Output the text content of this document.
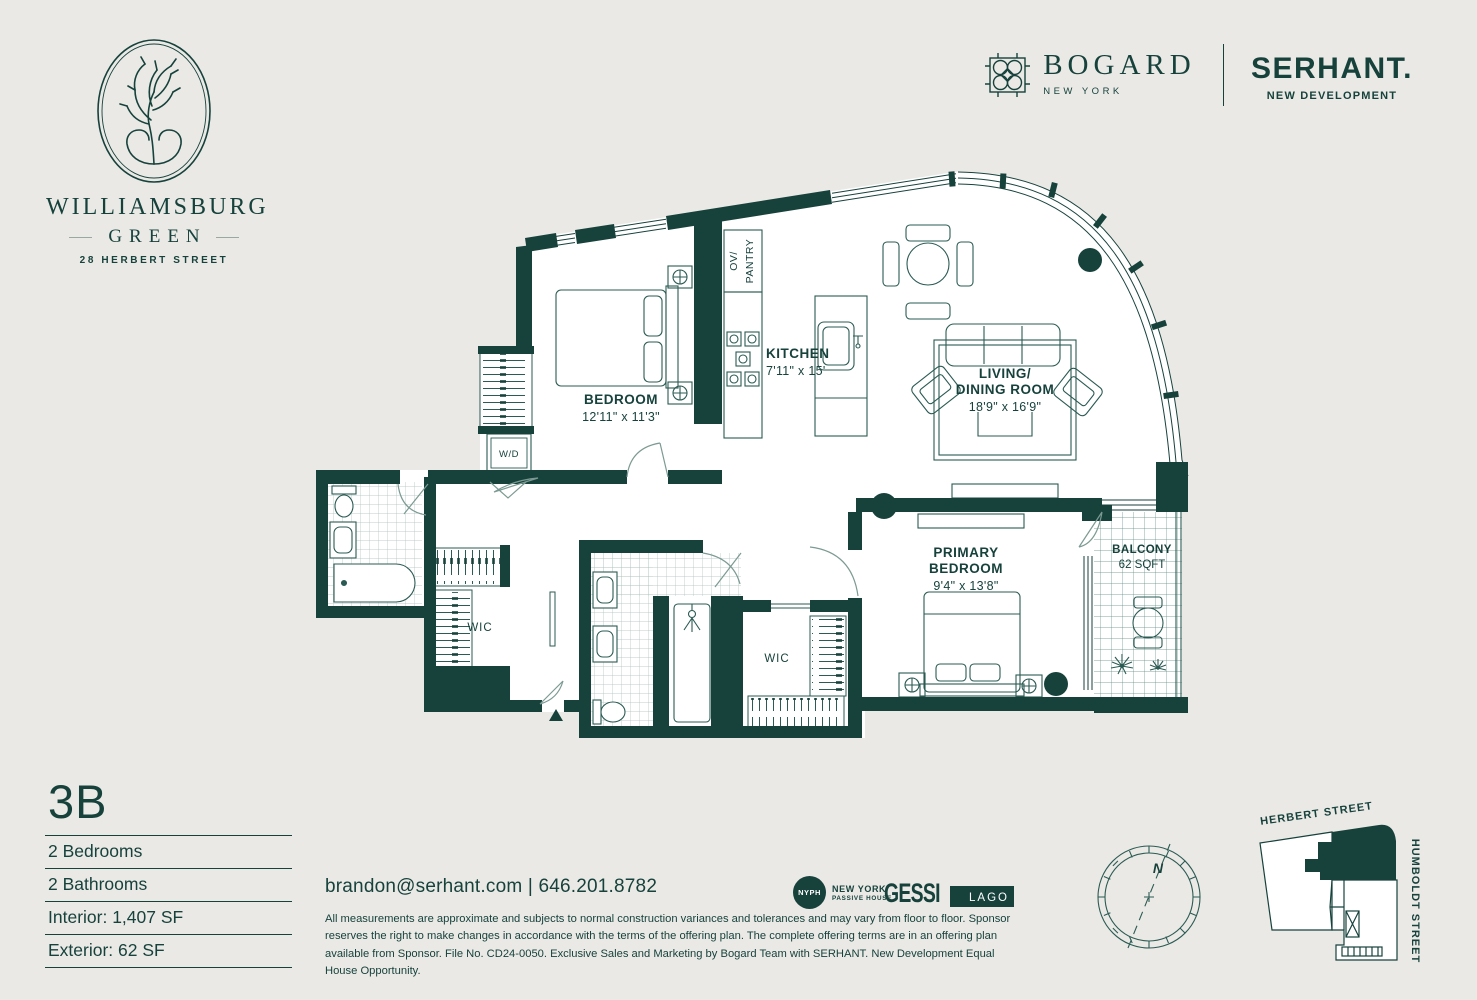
WILLIAMSBURG
GREEN
28 HERBERT STREET
BOGARD
NEW YORK
SERHANT.
NEW DEVELOPMENT
BEDROOM
12'11" x 11'3"
KITCHEN
7'11" x 15'	LIVING/
DINING ROOM
18'9" x 16'9"
PRIMARY
BEDROOM
9'4" x 13'8"
BALCONY
62 SQFT
WIC
WIC
W/D
OV/ PANTRY
3B
2 Bedrooms
2 Bathrooms
Interior: 1,407 SF
Exterior: 62 SF
brandon@serhant.com | 646.201.8782
All measurements are approximate and subjects to normal construction variances and tolerances and may vary from floor to floor. Sponsor reserves the right to make changes in accordance with the terms of the offering plan. The complete offering terms are in an offering plan available from Sponsor. File No. CD24-0050. Exclusive Sales and Marketing by Bogard Team with SERHANT. New Development Equal House Opportunity.
NYPH	NEW YORK
PASSIVE HOUSE
GESSI	LAGO
N
HERBERT STREET
HUMBOLDT STREET
